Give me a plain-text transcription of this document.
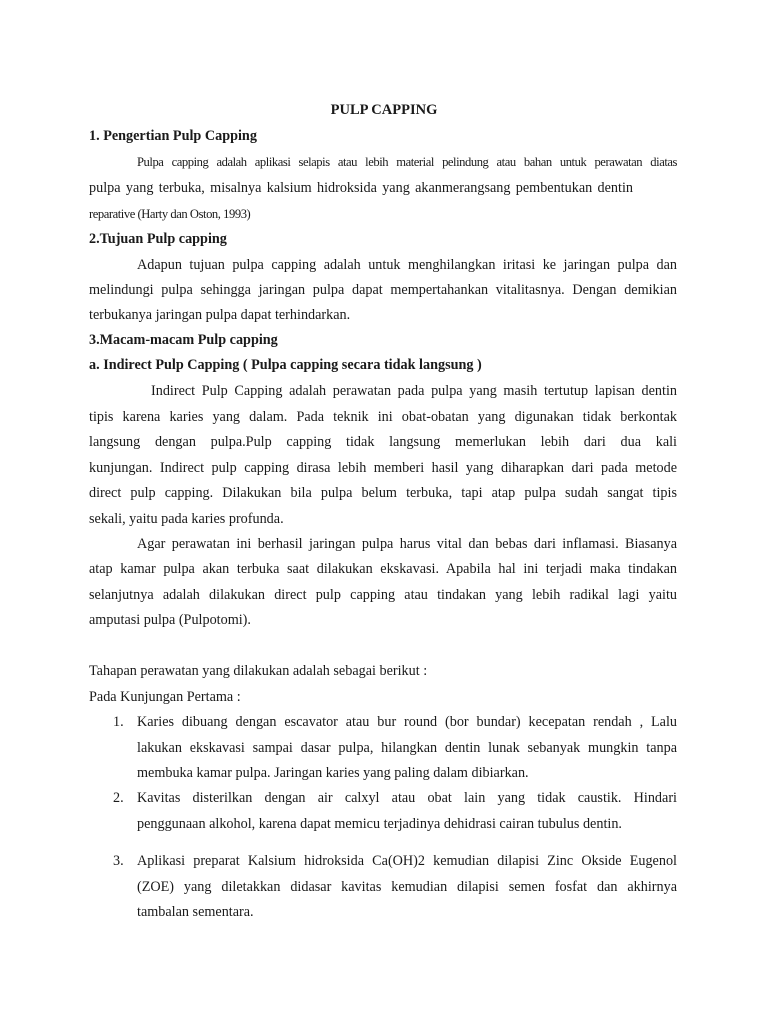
PULP CAPPING
1. Pengertian Pulp Capping
Pulpa capping adalah aplikasi selapis atau lebih material pelindung atau bahan untuk perawatan diatas
pulpa yang terbuka, misalnya kalsium hidroksida yang akanmerangsang pembentukan dentin
reparative (Harty dan Oston, 1993)
2.Tujuan Pulp capping
Adapun tujuan pulpa capping adalah untuk menghilangkan iritasi ke jaringan pulpa dan
melindungi pulpa sehingga jaringan pulpa dapat mempertahankan vitalitasnya. Dengan demikian
terbukanya jaringan pulpa dapat terhindarkan.
3.Macam-macam Pulp capping
a. Indirect Pulp Capping ( Pulpa capping secara tidak langsung )
Indirect Pulp Capping adalah perawatan pada pulpa yang masih tertutup lapisan dentin
tipis karena karies yang dalam. Pada teknik ini obat-obatan yang digunakan tidak berkontak
langsung dengan pulpa.Pulp capping tidak langsung memerlukan lebih dari dua kali
kunjungan. Indirect pulp capping dirasa lebih memberi hasil yang diharapkan dari pada metode
direct pulp capping. Dilakukan bila pulpa belum terbuka, tapi atap pulpa sudah sangat tipis
sekali, yaitu pada karies profunda.
Agar perawatan ini berhasil jaringan pulpa harus vital dan bebas dari inflamasi. Biasanya
atap kamar pulpa akan terbuka saat dilakukan ekskavasi. Apabila hal ini terjadi maka tindakan
selanjutnya adalah dilakukan direct pulp capping atau tindakan yang lebih radikal lagi yaitu
amputasi pulpa (Pulpotomi).
Tahapan perawatan yang dilakukan adalah sebagai berikut :
Pada Kunjungan Pertama :
1. Karies dibuang dengan escavator atau bur round (bor bundar) kecepatan rendah , Lalu
lakukan ekskavasi sampai dasar pulpa, hilangkan dentin lunak sebanyak mungkin tanpa
membuka kamar pulpa. Jaringan karies yang paling dalam dibiarkan.
2. Kavitas disterilkan dengan air calxyl atau obat lain yang tidak caustik. Hindari
penggunaan alkohol, karena dapat memicu terjadinya dehidrasi cairan tubulus dentin.
3. Aplikasi preparat Kalsium hidroksida Ca(OH)2 kemudian dilapisi Zinc Okside Eugenol
(ZOE) yang diletakkan didasar kavitas kemudian dilapisi semen fosfat dan akhirnya
tambalan sementara.
